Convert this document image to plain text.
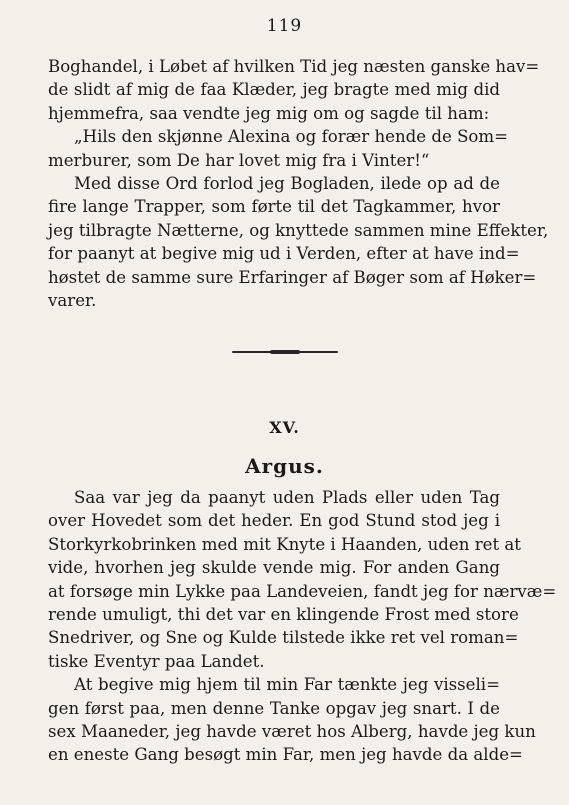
119
Boghandel, i Løbet af hvilken Tid jeg næsten ganske hav=
de slidt af mig de faa Klæder, jeg bragte med mig did
hjemmefra, saa vendte jeg mig om og sagde til ham:
„Hils den skjønne Alexina og forær hende de Som=
merburer, som De har lovet mig fra i Vinter!“
Med disse Ord forlod jeg Bogladen, ilede op ad de
fire lange Trapper, som førte til det Tagkammer, hvor
jeg tilbragte Nætterne, og knyttede sammen mine Effekter,
for paanyt at begive mig ud i Verden, efter at have ind=
høstet de samme sure Erfaringer af Bøger som af Høker=
varer.
XV.
Argus.
Saa var jeg da paanyt uden Plads eller uden Tag
over Hovedet som det heder. En god Stund stod jeg i
Storkyrkobrinken med mit Knyte i Haanden, uden ret at
vide, hvorhen jeg skulde vende mig. For anden Gang
at forsøge min Lykke paa Landeveien, fandt jeg for nærvæ=
rende umuligt, thi det var en klingende Frost med store
Snedriver, og Sne og Kulde tilstede ikke ret vel roman=
tiske Eventyr paa Landet.
At begive mig hjem til min Far tænkte jeg visseli=
gen først paa, men denne Tanke opgav jeg snart. I de
sex Maaneder, jeg havde været hos Alberg, havde jeg kun
en eneste Gang besøgt min Far, men jeg havde da alde=
